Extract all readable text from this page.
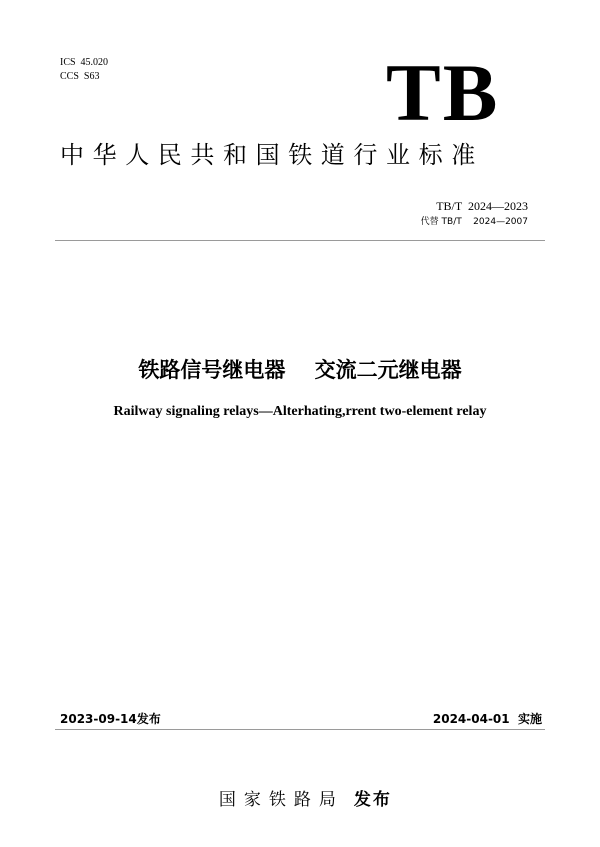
ICS  45.020
CCS  S63	TB
中华人民共和国铁道行业标准
TB/T  2024—2023
代替 TB/T    2024—2007
铁路信号继电器    交流二元继电器
Railway signaling relays—Alterhating,rrent two-element relay
2023-09-14发布	2024-04-01  实施

国家铁路局 发布
